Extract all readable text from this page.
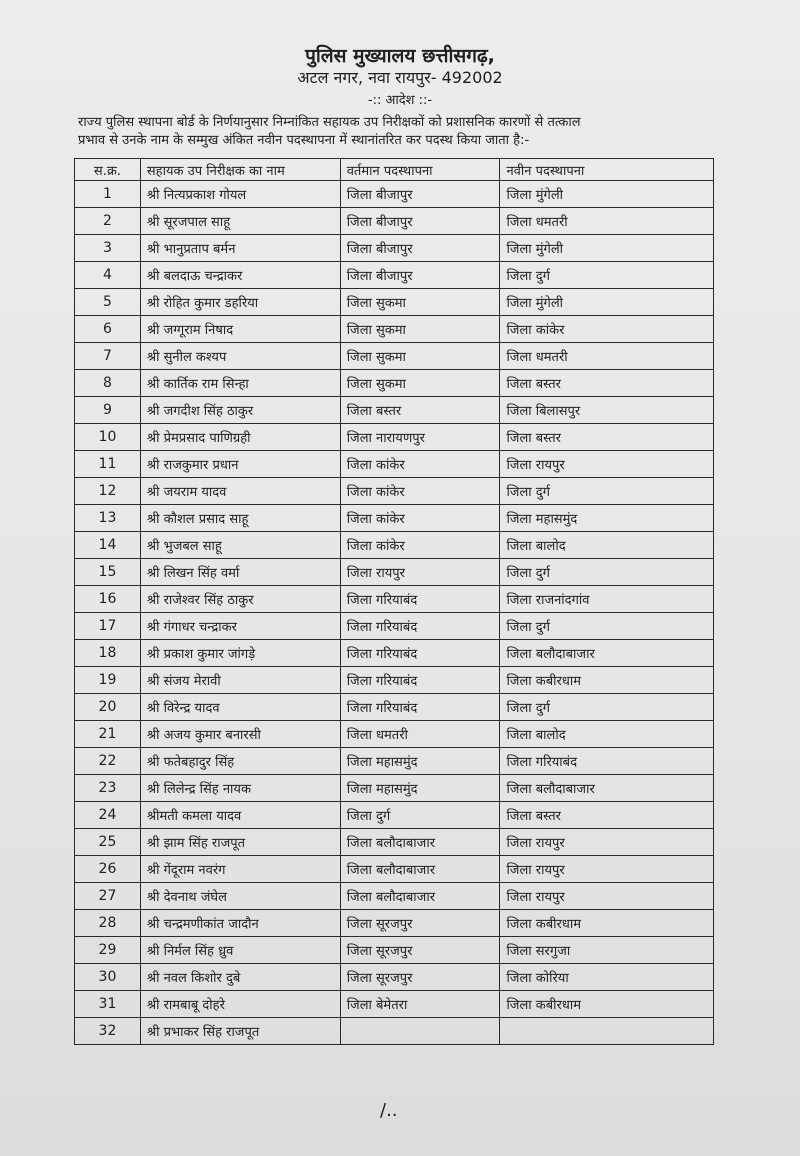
पुलिस मुख्यालय छत्तीसगढ़,
अटल नगर, नवा रायपुर- 492002
-:: आदेश ::-

राज्य पुलिस स्थापना बोर्ड के निर्णयानुसार निम्नांकित सहायक उप निरीक्षकों को प्रशासनिक कारणों से तत्काल

प्रभाव से उनके नाम के सम्मुख अंकित नवीन पदस्थापना में स्थानांतरित कर पदस्थ किया जाता है:-

स.क्र.	सहायक उप निरीक्षक का नाम	वर्तमान पदस्थापना	नवीन पदस्थापना
1	श्री नित्यप्रकाश गोयल	जिला बीजापुर	जिला मुंगेली
2	श्री सूरजपाल साहू	जिला बीजापुर	जिला धमतरी
3	श्री भानुप्रताप बर्मन	जिला बीजापुर	जिला मुंगेली
4	श्री बलदाऊ चन्द्राकर	जिला बीजापुर	जिला दुर्ग
5	श्री रोहित कुमार डहरिया	जिला सुकमा	जिला मुंगेली
6	श्री जग्गूराम निषाद	जिला सुकमा	जिला कांकेर
7	श्री सुनील कश्यप	जिला सुकमा	जिला धमतरी
8	श्री कार्तिक राम सिन्हा	जिला सुकमा	जिला बस्तर
9	श्री जगदीश सिंह ठाकुर	जिला बस्तर	जिला बिलासपुर
10	श्री प्रेमप्रसाद पाणिग्रही	जिला नारायणपुर	जिला बस्तर
11	श्री राजकुमार प्रधान	जिला कांकेर	जिला रायपुर
12	श्री जयराम यादव	जिला कांकेर	जिला दुर्ग
13	श्री कौशल प्रसाद साहू	जिला कांकेर	जिला महासमुंद
14	श्री भुजबल साहू	जिला कांकेर	जिला बालोद
15	श्री लिखन सिंह वर्मा	जिला रायपुर	जिला दुर्ग
16	श्री राजेश्वर सिंह ठाकुर	जिला गरियाबंद	जिला राजनांदगांव
17	श्री गंगाधर चन्द्राकर	जिला गरियाबंद	जिला दुर्ग
18	श्री प्रकाश कुमार जांगड़े	जिला गरियाबंद	जिला बलौदाबाजार
19	श्री संजय मेरावी	जिला गरियाबंद	जिला कबीरधाम
20	श्री विरेन्द्र यादव	जिला गरियाबंद	जिला दुर्ग
21	श्री अजय कुमार बनारसी	जिला धमतरी	जिला बालोद
22	श्री फतेबहादुर सिंह	जिला महासमुंद	जिला गरियाबंद
23	श्री लिलेन्द्र सिंह नायक	जिला महासमुंद	जिला बलौदाबाजार
24	श्रीमती कमला यादव	जिला दुर्ग	जिला बस्तर
25	श्री झाम सिंह राजपूत	जिला बलौदाबाजार	जिला रायपुर
26	श्री गेंदूराम नवरंग	जिला बलौदाबाजार	जिला रायपुर
27	श्री देवनाथ जंघेल	जिला बलौदाबाजार	जिला रायपुर
28	श्री चन्द्रमणीकांत जादौन	जिला सूरजपुर	जिला कबीरधाम
29	श्री निर्मल सिंह ध्रुव	जिला सूरजपुर	जिला सरगुजा
30	श्री नवल किशोर दुबे	जिला सूरजपुर	जिला कोरिया
31	श्री रामबाबू दोहरे	जिला बेमेतरा	जिला कबीरधाम
32	श्री प्रभाकर सिंह राजपूत		
/..
